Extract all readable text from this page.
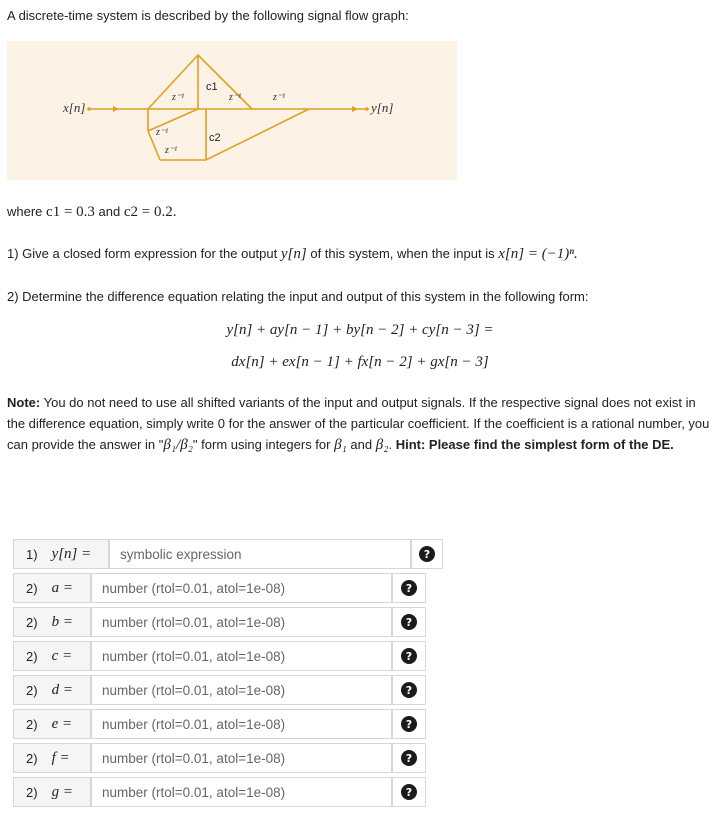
A discrete-time system is described by the following signal flow graph:
x[n]	y[n]
c1
c2
z⁻¹	z⁻¹	z⁻¹
z⁻¹
z⁻¹
where c1 = 0.3 and c2 = 0.2.
1) Give a closed form expression for the output y[n] of this system, when the input is x[n] = (−1)ⁿ.
2) Determine the difference equation relating the input and output of this system in the following form:
y[n] + ay[n − 1] + by[n − 2] + cy[n − 3] =
dx[n] + ex[n − 1] + fx[n − 2] + gx[n − 3]
Note: You do not need to use all shifted variants of the input and output signals. If the respective signal does not exist in the difference equation, simply write 0 for the answer of the particular coefficient. If the coefficient is a rational number, you can provide the answer in "β₁/β₂" form using integers for β₁ and β₂. Hint: Please find the simplest form of the DE.
1) y[n] =	symbolic expression	?
2) a =	number (rtol=0.01, atol=1e-08)	?
2) b =	number (rtol=0.01, atol=1e-08)	?
2) c =	number (rtol=0.01, atol=1e-08)	?
2) d =	number (rtol=0.01, atol=1e-08)	?
2) e =	number (rtol=0.01, atol=1e-08)	?
2) f =	number (rtol=0.01, atol=1e-08)	?
2) g =	number (rtol=0.01, atol=1e-08)	?
